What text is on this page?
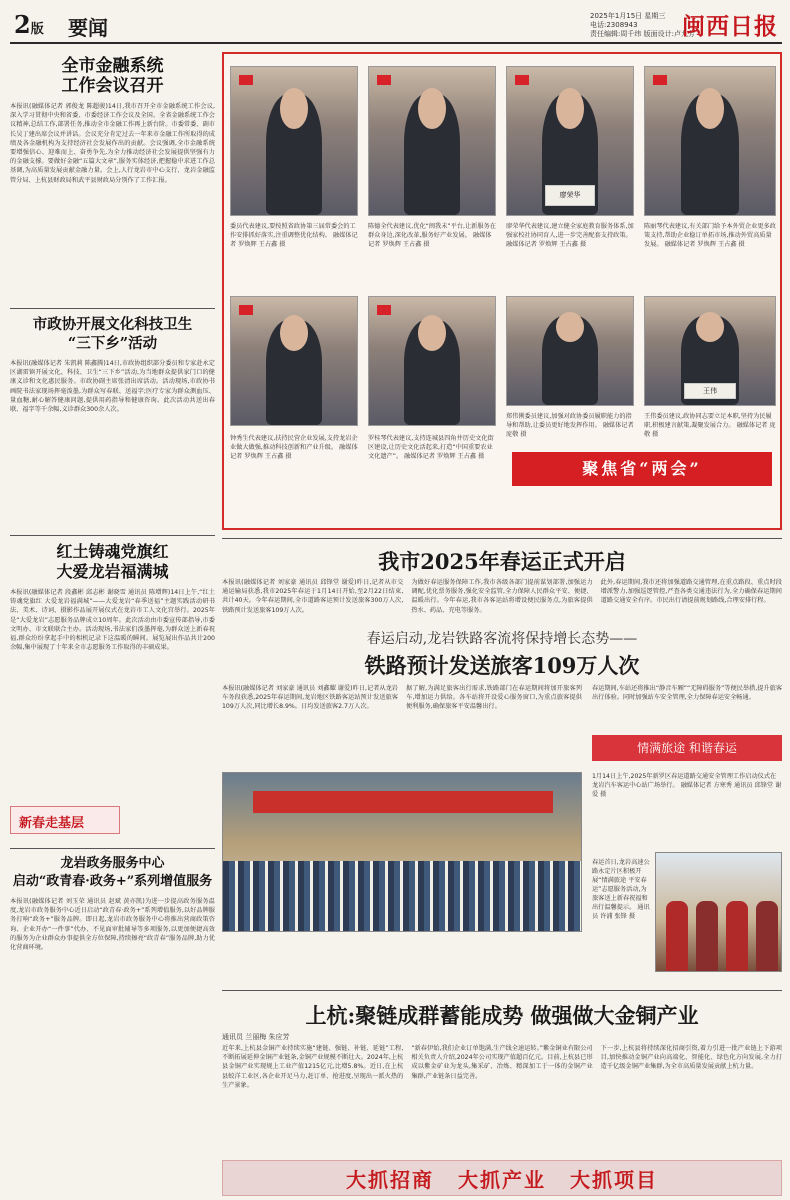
2版 要闻	2025年1月15日 星期三
电话:2308943
责任编辑:周千纬 版面设计:卢九芳
闽西日报
全市金融系统
工作会议召开
本报讯(融媒体记者 郭俊龙 陈超骏)14日,我市召开全市金融系统工作会议,深入学习贯彻中央和省委、市委经济工作会议及全国、全省金融系统工作会议精神,总结工作,部署任务,推动全市金融工作再上新台阶。市委常委、副市长吴丁建出席会议并讲话。会议充分肯定过去一年来市金融工作所取得的成绩及各金融机构为支持经济社会发展作出的贡献。会议强调,全市金融系统要增强信心、迎难而上、奋勇争先,为全力推动经济社会发展提供坚强有力的金融支撑。要做好金融“五篇大文章”,服务实体经济,把握稳中求进工作总基调,为高质量发展贡献金融力量。会上,人行龙岩市中心支行、龙岩金融监管分局、上杭县财政局和武平县财政局分别作了工作汇报。
市政协开展文化科技卫生
“三下乡”活动
本报讯(融媒体记者 朱凯莉 陈鑫腾)14日,市政协组织部分委员和专家赴永定区湖雷镇开展文化、科技、卫生“三下乡”活动,为当地群众提供家门口的健康义诊和文化惠民服务。市政协副主席张清出席活动。活动现场,市政协书画院书法家现场挥毫泼墨,为群众写春联、送福字;医疗专家为群众测血压、量血糖,耐心解答健康问题,提供用药指导和健康咨询。此次活动共送出春联、福字等千余幅,义诊群众300余人次。
红土铸魂党旗红
大爱龙岩福满城
本报讯(融媒体记者 段鑫彬 邱志彬 谢晓雪 通讯员 陈增辉)14日上午,“红土铸魂党旗红 大爱龙岩福满城”——大爱龙岩“春季送福”主题实践活动研书法、美术、诗词、摄影作品展开展仪式在龙岩市工人文化宫举行。2025年是“大爱龙岩”志愿服务品牌成立10周年。此次活动由市委宣传部指导,市委文明办、市文联联合主办。活动现场,书法家们泼墨挥毫,为群众送上新春祝福,群众纷纷拿起手中的相机记录下这温暖的瞬间。展览展出作品共计200余幅,集中展现了十年来全市志愿服务工作取得的丰硕成果。
新春走基层
龙岩政务服务中心
启动“政青春·政务+”系列增值服务
本报讯(融媒体记者 刘玉荣 通讯员 赵斌 黄亦凯)为进一步提高政务服务温度,龙岩市政务服务中心近日启动“政青春·政务+”系列增值服务,以好品牌服务打响“政务+”服务品牌。即日起,龙岩市政务服务中心将推出营商政策咨询、企业开办“一件事”代办、不见面审批辅导等多项服务,以更加便捷高效的服务为企业群众办事提供全方位保障,持续擦亮“政青春”服务品牌,助力优化营商环境。
廖荣华
委员代表建议,要按照省政协第三届常委会的工作安排抓好落实,注重调整优化结构。 融媒体记者 罗焕辉 王占鑫 摄
陈德全代表建议,优化“闽我未”平台,让新服务在群众身边,深化改革,服务好产业发展。 融媒体记者 罗焕辉 王占鑫 摄
廖荣华代表建议,建立健全家庭教育服务体系,加强家校社协同育人,进一步完善配套支持政策。 融媒体记者 罗焕辉 王占鑫 摄
陈丽琴代表建议,有关部门给予本外贸企业更多政策支持,帮助企业稳订单拓市场,推动外贸高质量发展。 融媒体记者 罗焕辉 王占鑫 摄
王伟
钟秀生代表建议,扶持民营企业发展,支持龙岩企业做大做强,推动科技创新和产业升级。 融媒体记者 罗焕辉 王占鑫 摄
罗桂琴代表建议,支持连城县四角井历史文化街区建设,让历史文化活起来,打造“中国重要农业文化遗产”。 融媒体记者 罗焕辉 王占鑫 摄
郑伟俐委员建议,加强对政协委员履职能力的指导和帮助,让委员更好地发挥作用。 融媒体记者 庞敬 摄
王伟委员建议,政协同志要立足本职,坚持为民履职,积极建言献策,凝聚发展合力。 融媒体记者 庞敬 摄
聚焦省“两会”
我市2025年春运正式开启
本报讯(融媒体记者 刘家豪 通讯员 邱锋堂 谢爱)昨日,记者从市交通运输局获悉,我市2025年春运于1月14日开始,至2月22日结束,共计40天。今年春运期间,全市道路客运预计发送旅客300万人次,铁路预计发送旅客109万人次。
为做好春运服务保障工作,我市各级各部门提前谋划部署,加强运力调配,优化票务服务,强化安全监管,全力保障人民群众平安、便捷、温暖出行。今年春运,我市各客运站将增设便民服务点,为旅客提供热水、药品、充电等服务。
此外,春运期间,我市还将加强道路交通管理,在重点路段、重点时段增派警力,加强巡逻管控,严查各类交通违法行为,全力确保春运期间道路交通安全有序。市民出行请提前规划路线,合理安排行程。
春运启动,龙岩铁路客流将保持增长态势——
铁路预计发送旅客109万人次
本报讯(融媒体记者 刘家豪 通讯员 刘鑫耀 谢爱)昨日,记者从龙岩车务段获悉,2025年春运期间,龙岩地区铁路客运站预计发送旅客109万人次,同比增长8.9%。日均发送旅客2.7万人次。
据了解,为满足旅客出行需求,铁路部门在春运期间将加开旅客列车,增加运力供给。各车站将开设爱心服务窗口,为重点旅客提供便利服务,确保旅客平安温馨出行。
春运期间,车站还将推出“静音车厢”“无障碍服务”等便民举措,提升旅客出行体验。同时加强站车安全管理,全力保障春运安全畅通。
情满旅途 和谐春运
1月14日上午,2025年新罗区春运道路交通安全管理工作启动仪式在龙岩汽车客运中心站广场举行。 融媒体记者 方寒秀 通讯员 邱锋堂 谢爱 摄
春运首日,龙岩高速公路永定片区积极开展“情满旅途 平安春运”志愿服务活动,为旅客送上新春祝福和出行温馨提示。 通讯员 许浦 张锋 摄
上杭:聚链成群蓄能成势 做强做大金铜产业
通讯员 兰丽梅 朱应芳
近年来,上杭县金铜产业持续实施“建链、强链、补链、延链”工程,不断拓展延伸金铜产业链条,金铜产业规模不断壮大。2024年,上杭县金铜产业实现规上工业产值1215亿元,比增5.8%。近日,在上杭县蛟洋工业区,各企业开足马力,赶订单、抢进度,呈现出一派火热的生产景象。
“新春伊始,我们企业订单饱满,生产线全速运转。”紫金铜业有限公司相关负责人介绍,2024年公司实现产值超百亿元。目前,上杭县已形成以紫金矿业为龙头,集采矿、冶炼、精深加工于一体的金铜产业集群,产业链条日益完善。
下一步,上杭县将持续深化招商引资,着力引进一批产业链上下游项目,加快推动金铜产业向高端化、智能化、绿色化方向发展,全力打造千亿级金铜产业集群,为全市高质量发展贡献上杭力量。
大抓招商 大抓产业 大抓项目
